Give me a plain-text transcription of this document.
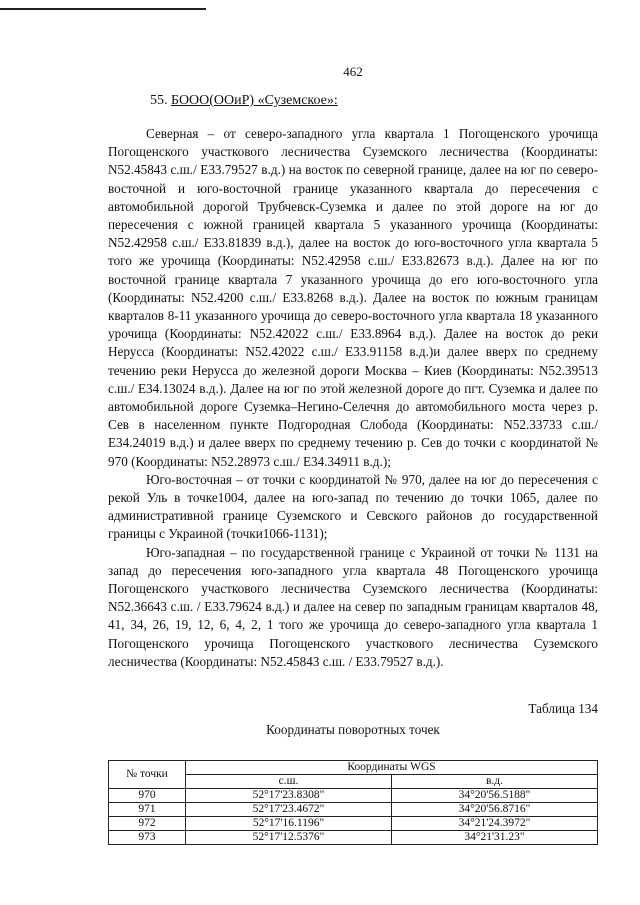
462
55. БООО(ООиР) «Суземское»:

Северная – от северо-западного угла квартала 1 Погощенского урочища Погощенского участкового лесничества Суземского лесничества (Координаты: N52.45843 с.ш./ E33.79527 в.д.) на восток по северной границе, далее на юг по северо-восточной и юго-восточной границе указанного квартала до пересечения с автомобильной дорогой Трубчевск-Суземка и далее по этой дороге на юг до пересечения с южной границей квартала 5 указанного урочища (Координаты: N52.42958 с.ш./ E33.81839 в.д.), далее на восток до юго-восточного угла квартала 5 того же урочища (Координаты: N52.42958 с.ш./ E33.82673 в.д.). Далее на юг по восточной границе квартала 7 указанного урочища до его юго-восточного угла (Координаты: N52.4200 с.ш./ E33.8268 в.д.). Далее на восток по южным границам кварталов 8-11 указанного урочища до северо-восточного угла квартала 18 указанного урочища (Координаты: N52.42022 с.ш./ E33.8964 в.д.). Далее на восток до реки Нерусса (Координаты: N52.42022 с.ш./ E33.91158 в.д.)и далее вверх по среднему течению реки Нерусса до железной дороги Москва – Киев (Координаты: N52.39513 с.ш./ E34.13024 в.д.). Далее на юг по этой железной дороге до пгт. Суземка и далее по автомобильной дороге Суземка–Негино-Селечня до автомобильного моста через р. Сев в населенном пункте Подгородная Слобода (Координаты: N52.33733 с.ш./ E34.24019 в.д.) и далее вверх по среднему течению р. Сев до точки с координатой № 970 (Координаты: N52.28973 с.ш./ E34.34911 в.д.);

Юго-восточная – от точки с координатой № 970, далее на юг до пересечения с рекой Уль в точке1004, далее на юго-запад по течению до точки 1065, далее по административной границе Суземского и Севского районов до государственной границы с Украиной (точки1066-1131);

Юго-западная – по государственной границе с Украиной от точки № 1131 на запад до пересечения юго-западного угла квартала 48 Погощенского урочища Погощенского участкового лесничества Суземского лесничества (Координаты: N52.36643 с.ш. / E33.79624 в.д.) и далее на север по западным границам кварталов 48, 41, 34, 26, 19, 12, 6, 4, 2, 1 того же урочища до северо-западного угла квартала 1 Погощенского урочища Погощенского участкового лесничества Суземского лесничества (Координаты: N52.45843 с.ш. / E33.79527 в.д.).

Таблица 134
Координаты поворотных точек
№ точки	Координаты WGS	
	с.ш.	в.д.
970	52°17'23.8308"	34°20'56.5188"
971	52°17'23.4672"	34°20'56.8716"
972	52°17'16.1196"	34°21'24.3972"
973	52°17'12.5376"	34°21'31.23"
